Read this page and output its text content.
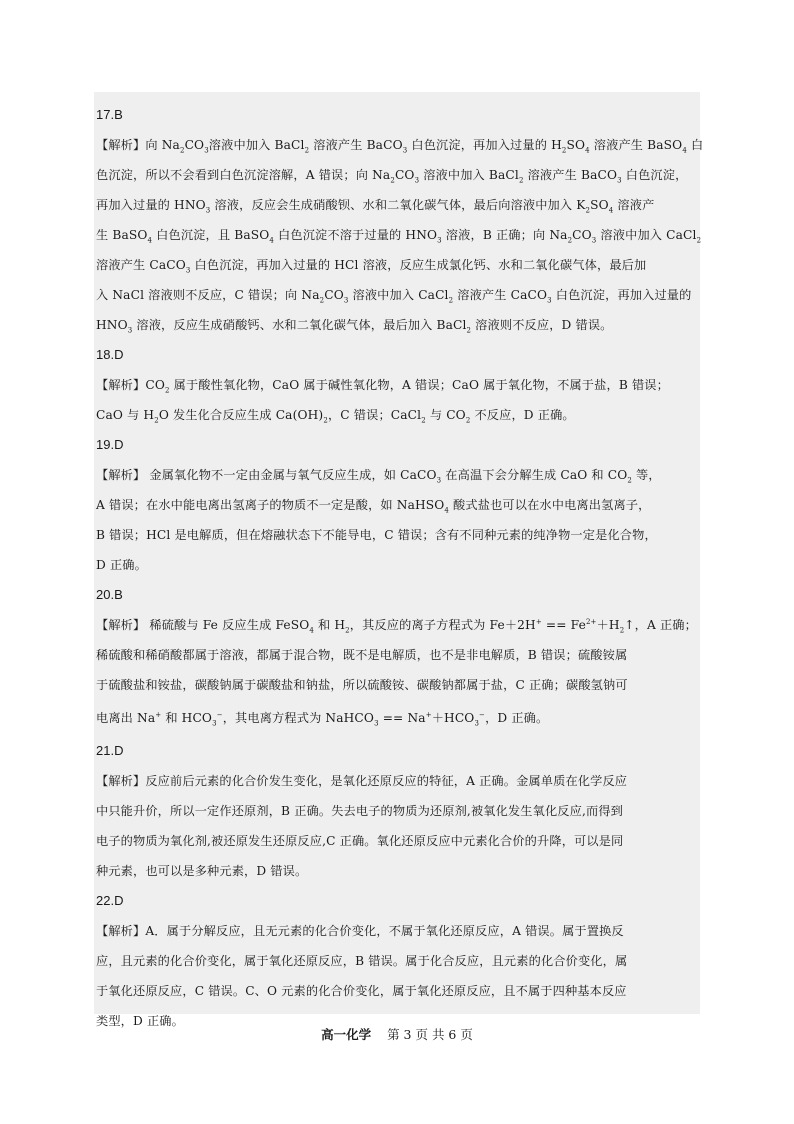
17.B
【解析】向 $Na_2CO_3$溶液中加入 BaCl$_2$ 溶液产生 BaCO$_3$ 白色沉淀，再加入过量的 $H_2SO_4$ 溶液产生 BaSO$_4$ 白
色沉淀，所以不会看到白色沉淀溶解，A 错误；向 $Na_2CO_3$ 溶液中加入 BaCl$_2$ 溶液产生 BaCO$_3$ 白色沉淀，
再加入过量的 $HNO_3$ 溶液，反应会生成硝酸钡、水和二氧化碳气体，最后向溶液中加入 $K_2SO_4$ 溶液产
生 BaSO$_4$ 白色沉淀，且 BaSO$_4$ 白色沉淀不溶于过量的 $HNO_3$ 溶液，B 正确；向 $Na_2CO_3$ 溶液中加入 CaCl$_2$
溶液产生 CaCO$_3$ 白色沉淀，再加入过量的 HCl 溶液，反应生成氯化钙、水和二氧化碳气体，最后加
入 NaCl 溶液则不反应，C 错误；向 $Na_2CO_3$ 溶液中加入 CaCl$_2$ 溶液产生 CaCO$_3$ 白色沉淀，再加入过量的
$HNO_3$ 溶液，反应生成硝酸钙、水和二氧化碳气体，最后加入 BaCl$_2$ 溶液则不反应，D 错误。
18.D
【解析】$CO_2$ 属于酸性氧化物，CaO 属于碱性氧化物，A 错误；CaO 属于氧化物，不属于盐，B 错误；
CaO 与 $H_2O$ 发生化合反应生成 $Ca(OH)_2$，C 错误；CaCl$_2$ 与 $CO_2$ 不反应，D 正确。
19.D
【解析】 金属氧化物不一定由金属与氧气反应生成，如 CaCO$_3$ 在高温下会分解生成 CaO 和 $CO_2$ 等，
A 错误；在水中能电离出氢离子的物质不一定是酸，如 NaHSO$_4$ 酸式盐也可以在水中电离出氢离子，
B 错误；HCl 是电解质，但在熔融状态下不能导电，C 错误；含有不同种元素的纯净物一定是化合物，
D 正确。
20.B
【解析】 稀硫酸与 Fe 反应生成 FeSO$_4$ 和 $H_2$，其反应的离子方程式为 $Fe+2H^+ == Fe^{2+}+H_2↑$，A 正确；
稀硫酸和稀硝酸都属于溶液，都属于混合物，既不是电解质，也不是非电解质，B 错误；硫酸铵属
于硫酸盐和铵盐，碳酸钠属于碳酸盐和钠盐，所以硫酸铵、碳酸钠都属于盐，C 正确；碳酸氢钠可
电离出 Na+ 和 $HCO_3^-$，其电离方程式为 NaHCO$_3$ == $Na^++HCO_3^-$，D 正确。
21.D
【解析】反应前后元素的化合价发生变化，是氧化还原反应的特征，A 正确。金属单质在化学反应
中只能升价，所以一定作还原剂，B 正确。失去电子的物质为还原剂,被氧化发生氧化反应,而得到
电子的物质为氧化剂,被还原发生还原反应,C 正确。氧化还原反应中元素化合价的升降，可以是同
种元素，也可以是多种元素，D 错误。
22.D
【解析】A．属于分解反应，且无元素的化合价变化，不属于氧化还原反应，A 错误。属于置换反
应，且元素的化合价变化，属于氧化还原反应，B 错误。属于化合反应，且元素的化合价变化，属
于氧化还原反应，C 错误。C、O 元素的化合价变化，属于氧化还原反应，且不属于四种基本反应
类型，D 正确。
高一化学 第 3 页 共 6 页
